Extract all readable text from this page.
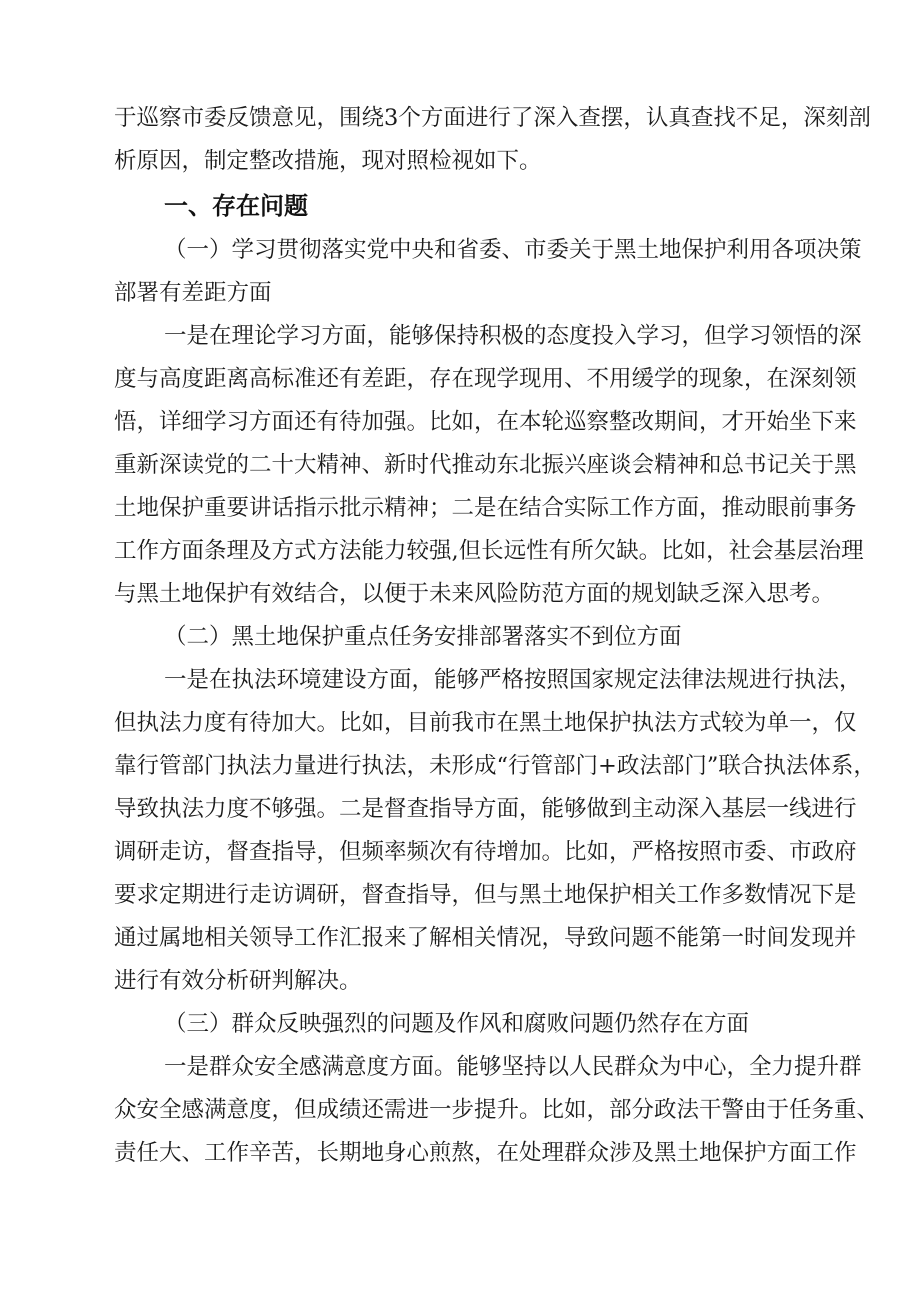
于巡察市委反馈意见，围绕3个方面进行了深入查摆，认真查找不足，深刻剖
析原因，制定整改措施，现对照检视如下。
一、存在问题
（一）学习贯彻落实党中央和省委、市委关于黑土地保护利用各项决策
部署有差距方面
一是在理论学习方面，能够保持积极的态度投入学习，但学习领悟的深
度与高度距离高标准还有差距，存在现学现用、不用缓学的现象，在深刻领
悟，详细学习方面还有待加强。比如，在本轮巡察整改期间，才开始坐下来
重新深读党的二十大精神、新时代推动东北振兴座谈会精神和总书记关于黑
土地保护重要讲话指示批示精神；二是在结合实际工作方面，推动眼前事务
工作方面条理及方式方法能力较强,但长远性有所欠缺。比如，社会基层治理
与黑土地保护有效结合，以便于未来风险防范方面的规划缺乏深入思考。
（二）黑土地保护重点任务安排部署落实不到位方面
一是在执法环境建设方面，能够严格按照国家规定法律法规进行执法，
但执法力度有待加大。比如，目前我市在黑土地保护执法方式较为单一，仅
靠行管部门执法力量进行执法，未形成“行管部门+政法部门”联合执法体系，
导致执法力度不够强。二是督查指导方面，能够做到主动深入基层一线进行
调研走访，督查指导，但频率频次有待增加。比如，严格按照市委、市政府
要求定期进行走访调研，督查指导，但与黑土地保护相关工作多数情况下是
通过属地相关领导工作汇报来了解相关情况，导致问题不能第一时间发现并
进行有效分析研判解决。
（三）群众反映强烈的问题及作风和腐败问题仍然存在方面
一是群众安全感满意度方面。能够坚持以人民群众为中心，全力提升群
众安全感满意度，但成绩还需进一步提升。比如，部分政法干警由于任务重、
责任大、工作辛苦，长期地身心煎熬，在处理群众涉及黑土地保护方面工作
